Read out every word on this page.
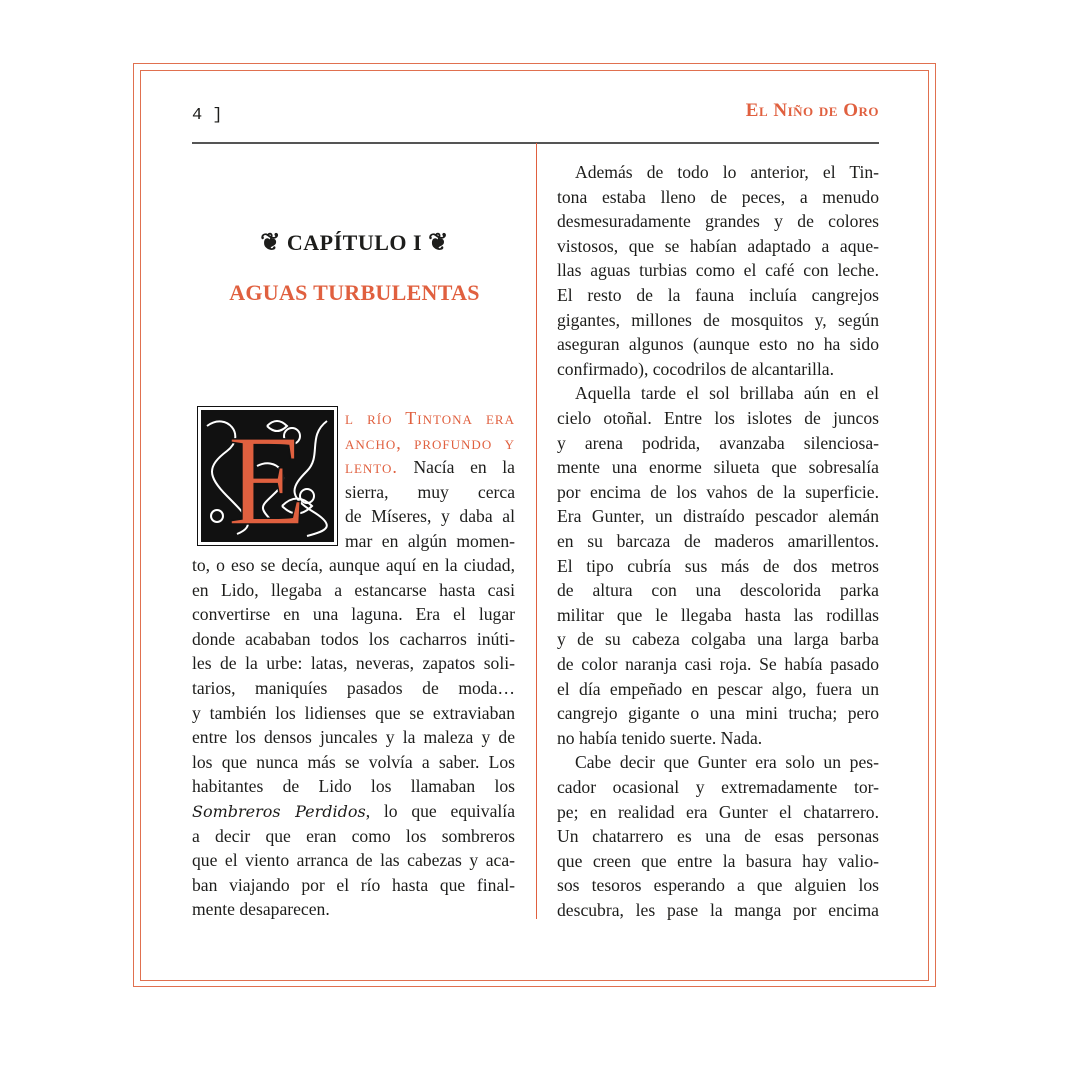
4 ]	El Niño de Oro
❦ CAPÍTULO I ❦
AGUAS TURBULENTAS
E l río Tintona era
ancho, profundo y
lento. Nacía en la
sierra, muy cerca
de Míseres, y daba al
mar en algún momen-
to, o eso se decía, aunque aquí en la ciudad,
en Lido, llegaba a estancarse hasta casi
convertirse en una laguna. Era el lugar
donde acababan todos los cacharros inúti-
les de la urbe: latas, neveras, zapatos soli-
tarios, maniquíes pasados de moda…
y también los lidienses que se extraviaban
entre los densos juncales y la maleza y de
los que nunca más se volvía a saber. Los
habitantes de Lido los llamaban los
Sombreros Perdidos, lo que equivalía
a decir que eran como los sombreros
que el viento arranca de las cabezas y aca-
ban viajando por el río hasta que final-
mente desaparecen.
Además de todo lo anterior, el Tin-
tona estaba lleno de peces, a menudo
desmesuradamente grandes y de colores
vistosos, que se habían adaptado a aque-
llas aguas turbias como el café con leche.
El resto de la fauna incluía cangrejos
gigantes, millones de mosquitos y, según
aseguran algunos (aunque esto no ha sido
confirmado), cocodrilos de alcantarilla.
Aquella tarde el sol brillaba aún en el
cielo otoñal. Entre los islotes de juncos
y arena podrida, avanzaba silenciosa-
mente una enorme silueta que sobresalía
por encima de los vahos de la superficie.
Era Gunter, un distraído pescador alemán
en su barcaza de maderos amarillentos.
El tipo cubría sus más de dos metros
de altura con una descolorida parka
militar que le llegaba hasta las rodillas
y de su cabeza colgaba una larga barba
de color naranja casi roja. Se había pasado
el día empeñado en pescar algo, fuera un
cangrejo gigante o una mini trucha; pero
no había tenido suerte. Nada.
Cabe decir que Gunter era solo un pes-
cador ocasional y extremadamente tor-
pe; en realidad era Gunter el chatarrero.
Un chatarrero es una de esas personas
que creen que entre la basura hay valio-
sos tesoros esperando a que alguien los
descubra, les pase la manga por encima
